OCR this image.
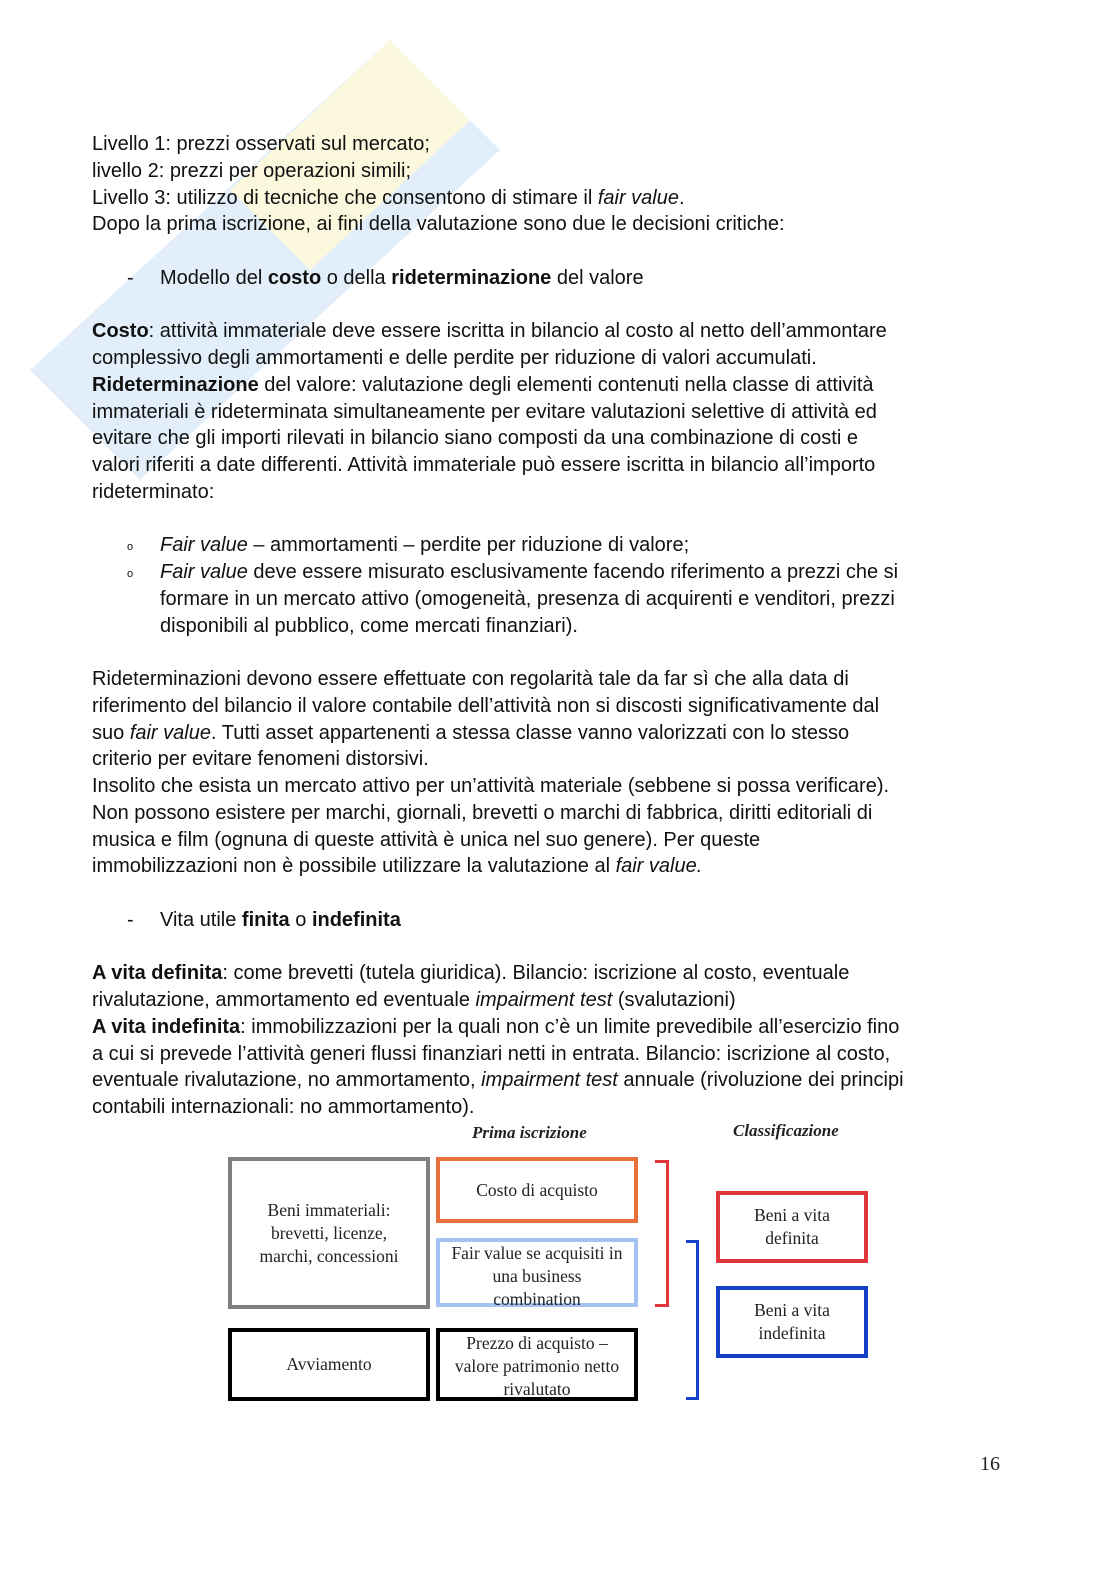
Livello 1: prezzi osservati sul mercato;
livello 2: prezzi per operazioni simili;
Livello 3: utilizzo di tecniche che consentono di stimare il fair value.
Dopo la prima iscrizione, ai fini della valutazione sono due le decisioni critiche:
- Modello del costo o della rideterminazione del valore
Costo: attività immateriale deve essere iscritta in bilancio al costo al netto dell’ammontare
complessivo degli ammortamenti e delle perdite per riduzione di valori accumulati.
Rideterminazione del valore: valutazione degli elementi contenuti nella classe di attività
immateriali è rideterminata simultaneamente per evitare valutazioni selettive di attività ed
evitare che gli importi rilevati in bilancio siano composti da una combinazione di costi e
valori riferiti a date differenti. Attività immateriale può essere iscritta in bilancio all’importo
rideterminato:
o Fair value – ammortamenti – perdite per riduzione di valore;
o Fair value deve essere misurato esclusivamente facendo riferimento a prezzi che si
formare in un mercato attivo (omogeneità, presenza di acquirenti e venditori, prezzi
disponibili al pubblico, come mercati finanziari).
Rideterminazioni devono essere effettuate con regolarità tale da far sì che alla data di
riferimento del bilancio il valore contabile dell’attività non si discosti significativamente dal
suo fair value. Tutti asset appartenenti a stessa classe vanno valorizzati con lo stesso
criterio per evitare fenomeni distorsivi.
Insolito che esista un mercato attivo per un’attività materiale (sebbene si possa verificare).
Non possono esistere per marchi, giornali, brevetti o marchi di fabbrica, diritti editoriali di
musica e film (ognuna di queste attività è unica nel suo genere). Per queste
immobilizzazioni non è possibile utilizzare la valutazione al fair value.
- Vita utile finita o indefinita
A vita definita: come brevetti (tutela giuridica). Bilancio: iscrizione al costo, eventuale
rivalutazione, ammortamento ed eventuale impairment test (svalutazioni)
A vita indefinita: immobilizzazioni per la quali non c’è un limite prevedibile all’esercizio fino
a cui si prevede l’attività generi flussi finanziari netti in entrata. Bilancio: iscrizione al costo,
eventuale rivalutazione, no ammortamento, impairment test annuale (rivoluzione dei principi
contabili internazionali: no ammortamento).
Prima iscrizione	Classificazione
Beni immateriali: brevetti, licenze, marchi, concessioni
Costo di acquisto
Fair value se acquisiti in una business combination
Avviamento
Prezzo di acquisto – valore patrimonio netto rivalutato
Beni a vita definita
Beni a vita indefinita
16
